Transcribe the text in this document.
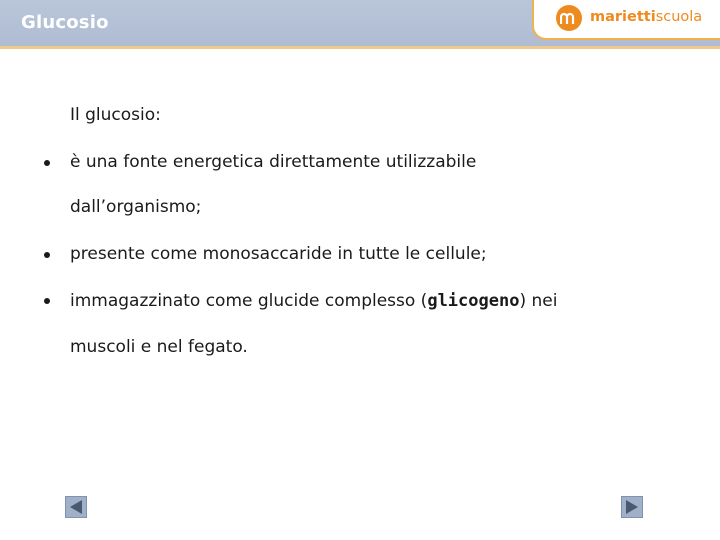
Glucosio	mariettiscuola
Il glucosio:
è una fonte energetica direttamente utilizzabile
dall’organismo;
presente come monosaccaride in tutte le cellule;
immagazzinato come glucide complesso (glicogeno) nei
muscoli e nel fegato.
